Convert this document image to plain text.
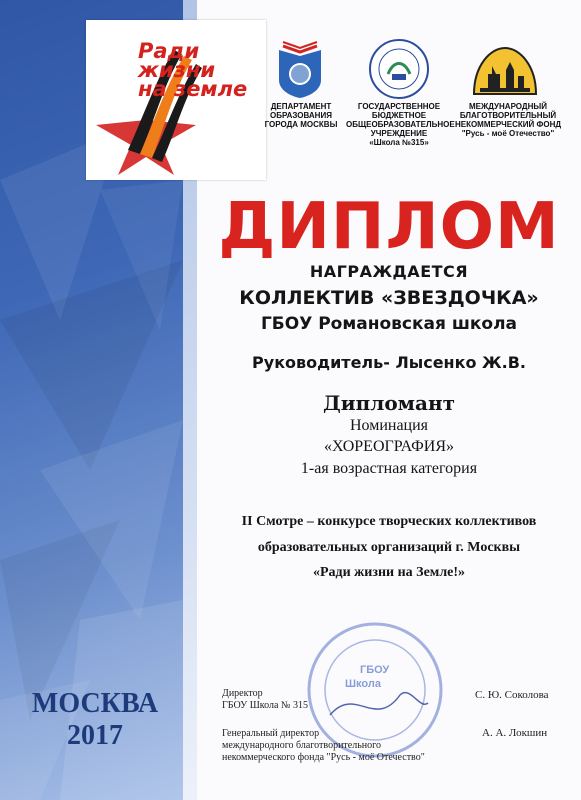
Ради
жизни
на земле
ДЕПАРТАМЕНТ
ОБРАЗОВАНИЯ
ГОРОДА МОСКВЫ
ГОСУДАРСТВЕННОЕ
БЮДЖЕТНОЕ
ОБЩЕОБРАЗОВАТЕЛЬНОЕ
УЧРЕЖДЕНИЕ
«Школа №315»
МЕЖДУНАРОДНЫЙ
БЛАГОТВОРИТЕЛЬНЫЙ
НЕКОММЕРЧЕСКИЙ ФОНД
"Русь - моё Отечество"
ДИПЛОМ
НАГРАЖДАЕТСЯ
КОЛЛЕКТИВ «ЗВЕЗДОЧКА»
ГБОУ Романовская школа
Руководитель- Лысенко Ж.В.
Дипломант
Номинация
«ХОРЕОГРАФИЯ»
1-ая возрастная категория
II Смотре – конкурсе творческих коллективов
образовательных организаций г. Москвы
«Ради жизни на Земле!»
МОСКВА
2017
ГБОУ
Школа
Директор
ГБОУ Школа № 315
С. Ю. Соколова
Генеральный директор
международного благотворительного
некоммерческого фонда "Русь - моё Отечество"
А. А. Локшин
